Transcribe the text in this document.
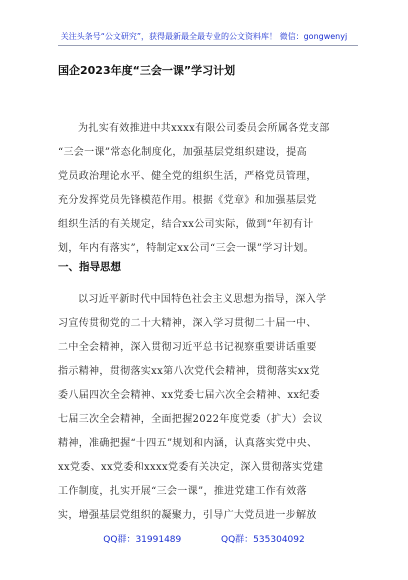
关注头条号“公文研究”，获得最新最全最专业的公文资料库！ 微信：gongwenyj
国企2023年度“三会一课”学习计划

为扎实有效推进中共xxxx有限公司委员会所属各党支部
“三会一课”常态化制度化，加强基层党组织建设，提高
党员政治理论水平、健全党的组织生活，严格党员管理，
充分发挥党员先锋模范作用。根据《党章》和加强基层党
组织生活的有关规定，结合xx公司实际，做到“年初有计
划，年内有落实”，特制定xx公司“三会一课”学习计划。

一、指导思想

以习近平新时代中国特色社会主义思想为指导，深入学
习宣传贯彻党的二十大精神，深入学习贯彻二十届一中、
二中全会精神，深入贯彻习近平总书记视察重要讲话重要
指示精神，贯彻落实xx第八次党代会精神，贯彻落实xx党
委八届四次全会精神、xx党委七届六次全会精神、xx纪委
七届三次全会精神，全面把握2022年度党委（扩大）会议
精神，准确把握“十四五”规划和内涵，认真落实党中央、
xx党委、xx党委和xxxx党委有关决定，深入贯彻落实党建
工作制度，扎实开展“三会一课”，推进党建工作有效落
实，增强基层党组织的凝聚力，引导广大党员进一步解放

QQ群：31991489	QQ群：535304092
